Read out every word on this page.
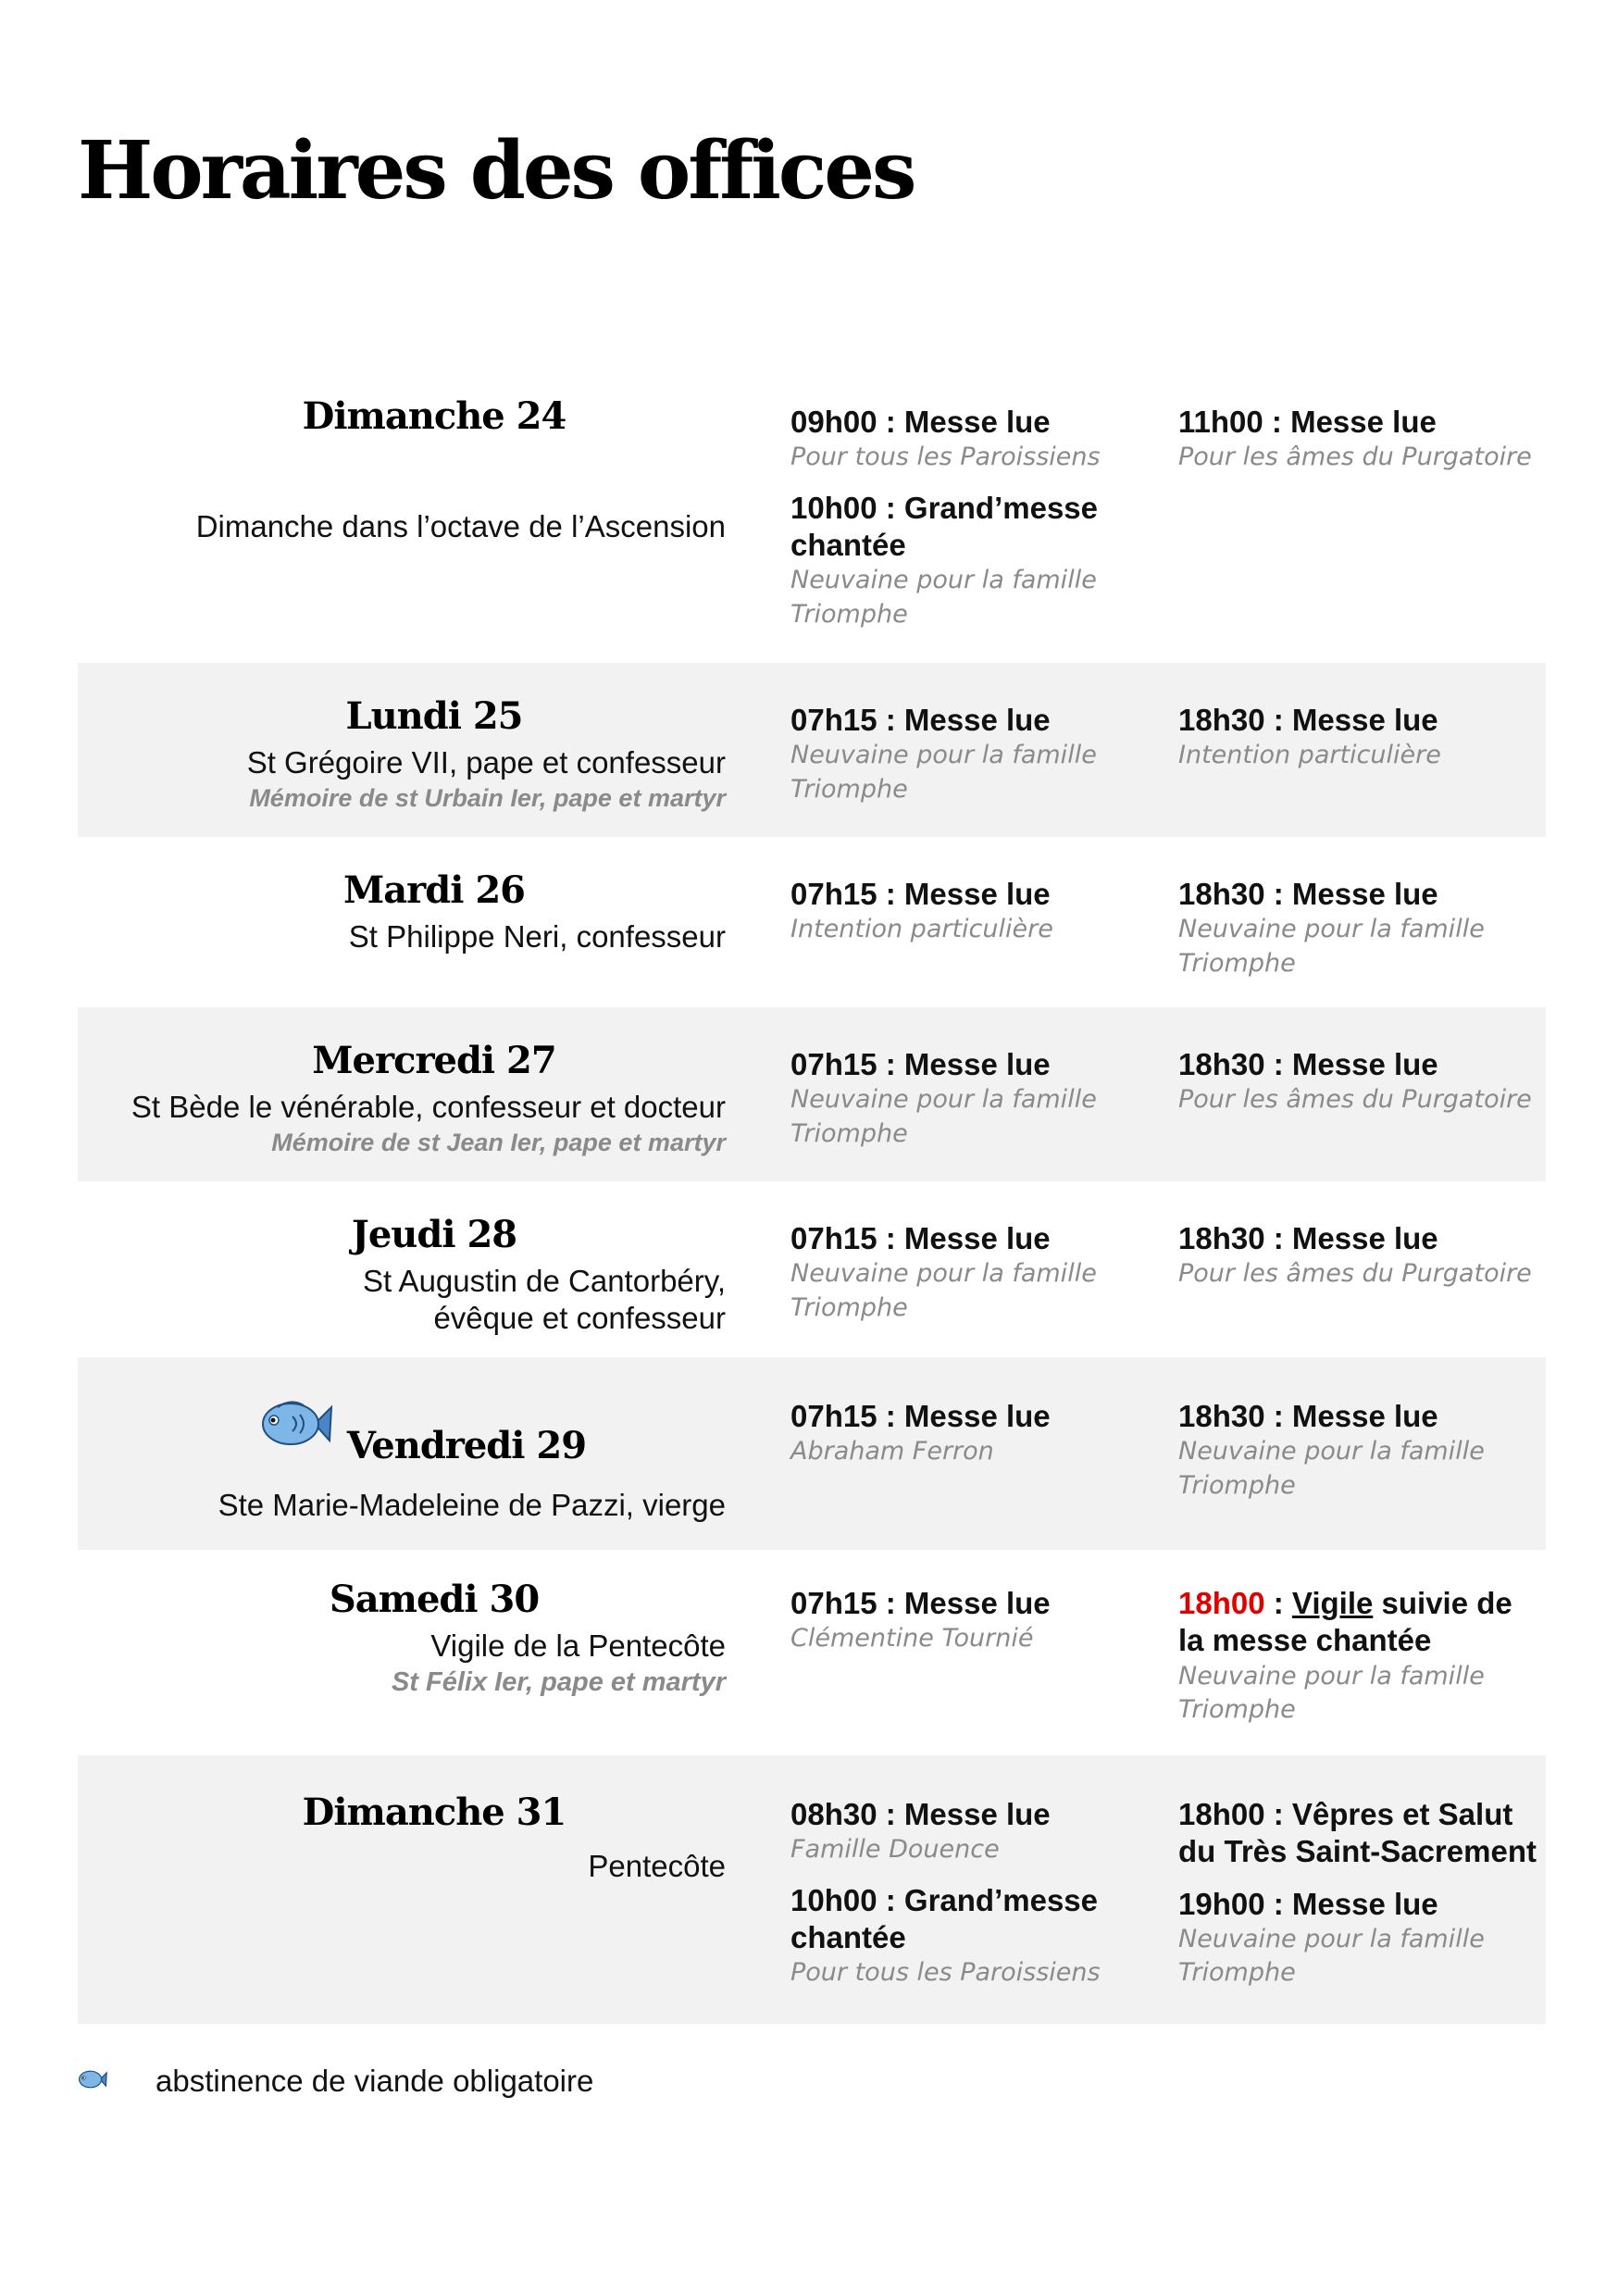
Horaires des offices
Dimanche 24
Dimanche dans l’octave de l’Ascension
09h00 : Messe lue
Pour tous les Paroissiens
10h00 : Grand’messe chantée
Neuvaine pour la famille Triomphe
11h00 : Messe lue
Pour les âmes du Purgatoire
Lundi 25
St Grégoire VII, pape et confesseur
Mémoire de st Urbain Ier, pape et martyr
07h15 : Messe lue
Neuvaine pour la famille Triomphe
18h30 : Messe lue
Intention particulière
Mardi 26
St Philippe Neri, confesseur
07h15 : Messe lue
Intention particulière
18h30 : Messe lue
Neuvaine pour la famille Triomphe
Mercredi 27
St Bède le vénérable, confesseur et docteur
Mémoire de st Jean Ier, pape et martyr
07h15 : Messe lue
Neuvaine pour la famille Triomphe
18h30 : Messe lue
Pour les âmes du Purgatoire
Jeudi 28
St Augustin de Cantorbéry, évêque et confesseur
07h15 : Messe lue
Neuvaine pour la famille Triomphe
18h30 : Messe lue
Pour les âmes du Purgatoire
Vendredi 29
Ste Marie-Madeleine de Pazzi, vierge
07h15 : Messe lue
Abraham Ferron
18h30 : Messe lue
Neuvaine pour la famille Triomphe
Samedi 30
Vigile de la Pentecôte
St Félix Ier, pape et martyr
07h15 : Messe lue
Clémentine Tournié
18h00 : Vigile suivie de la messe chantée
Neuvaine pour la famille Triomphe
Dimanche 31
Pentecôte
08h30 : Messe lue
Famille Douence
10h00 : Grand’messe chantée
Pour tous les Paroissiens
18h00 : Vêpres et Salut du Très Saint-Sacrement
19h00 : Messe lue
Neuvaine pour la famille Triomphe
abstinence de viande obligatoire
